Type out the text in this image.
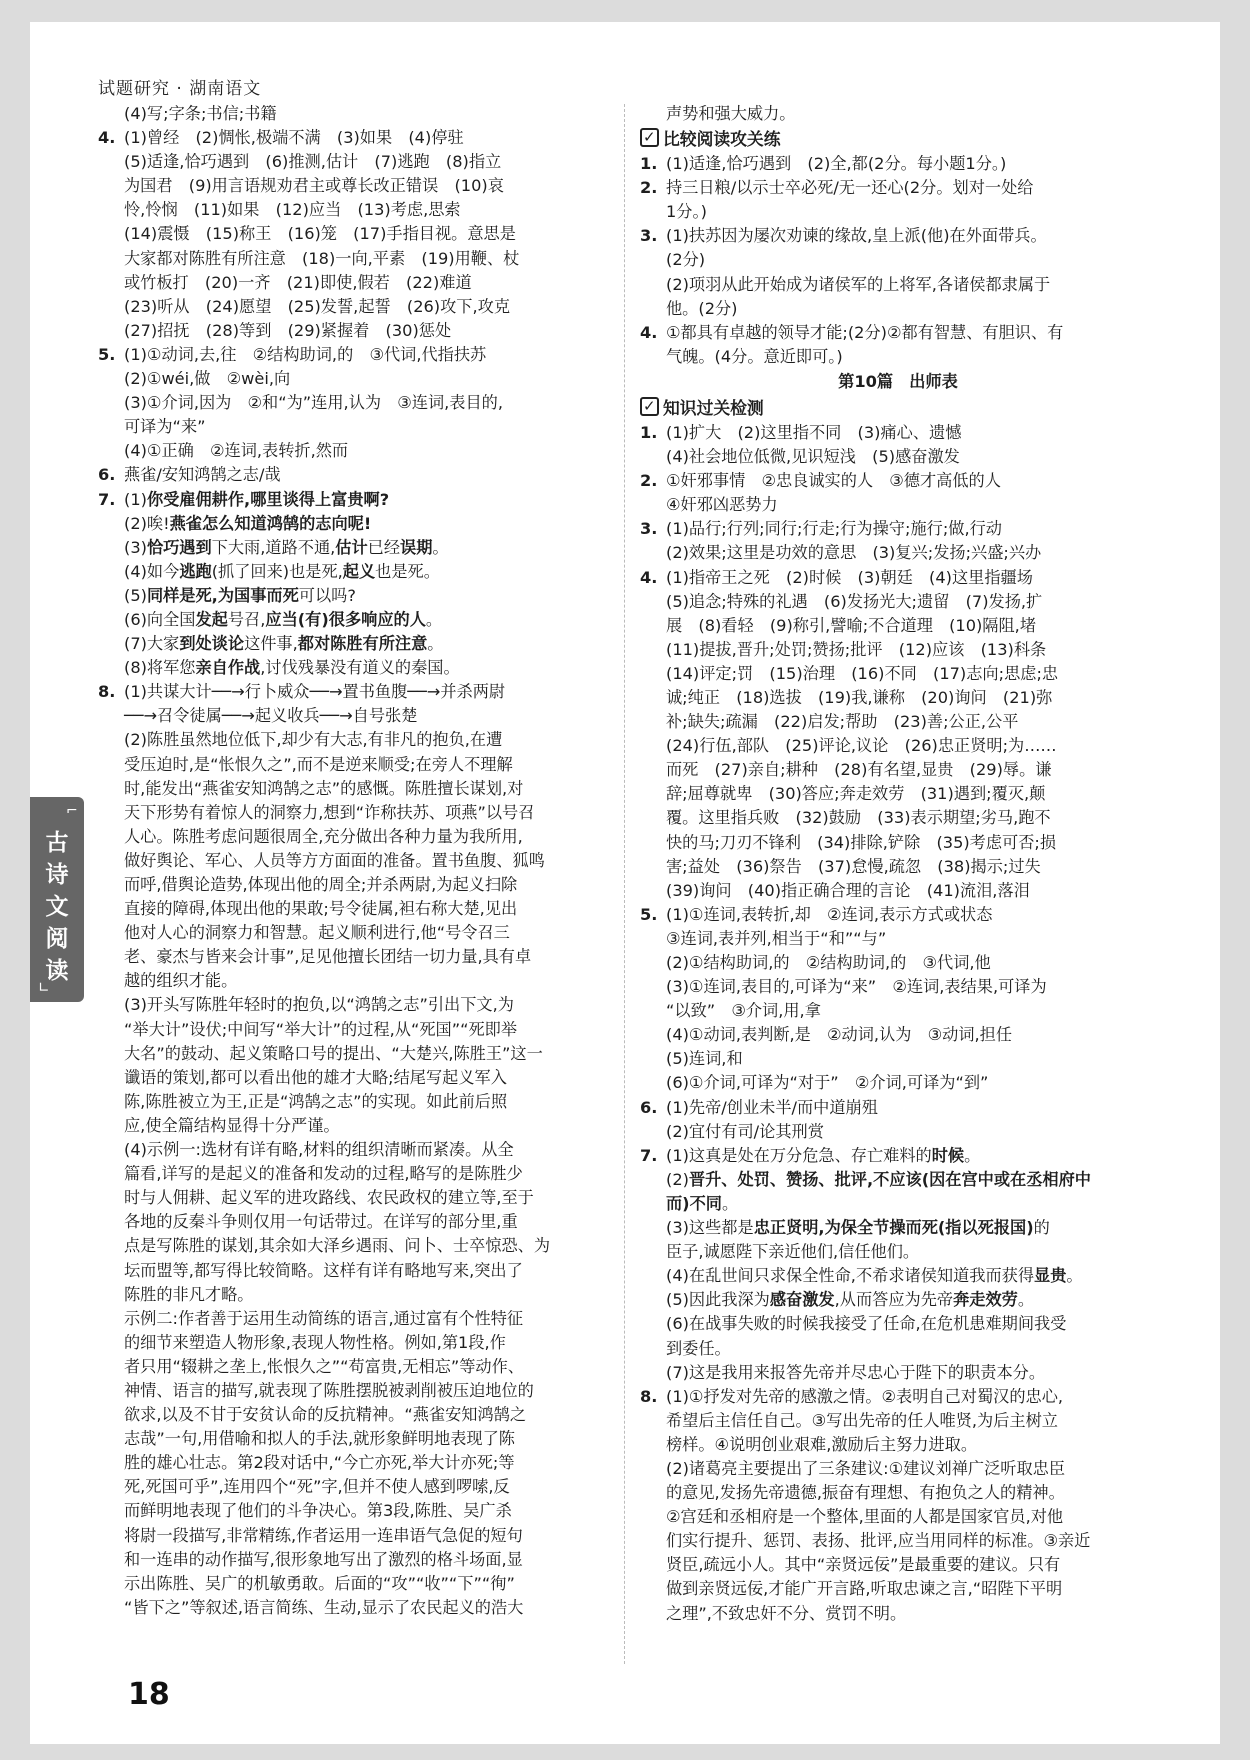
试题研究 · 湖南语文
⌐
古
诗
文
阅
读
∟
(4)写;字条;书信;书籍
4. (1)曾经　(2)惆怅,极端不满　(3)如果　(4)停驻
(5)适逢,恰巧遇到　(6)推测,估计　(7)逃跑　(8)指立
为国君　(9)用言语规劝君主或尊长改正错误　(10)哀
怜,怜悯　(11)如果　(12)应当　(13)考虑,思索
(14)震慑　(15)称王　(16)笼　(17)手指目视。意思是
大家都对陈胜有所注意　(18)一向,平素　(19)用鞭、杖
或竹板打　(20)一齐　(21)即使,假若　(22)难道
(23)听从　(24)愿望　(25)发誓,起誓　(26)攻下,攻克
(27)招抚　(28)等到　(29)紧握着　(30)惩处
5. (1)①动词,去,往　②结构助词,的　③代词,代指扶苏
(2)①wéi,做　②wèi,向
(3)①介词,因为　②和“为”连用,认为　③连词,表目的,
可译为“来”
(4)①正确　②连词,表转折,然而
6. 燕雀/安知鸿鹄之志/哉
7. (1)你受雇佣耕作,哪里谈得上富贵啊?
(2)唉!燕雀怎么知道鸿鹄的志向呢!
(3)恰巧遇到下大雨,道路不通,估计已经误期。
(4)如今逃跑(抓了回来)也是死,起义也是死。
(5)同样是死,为国事而死可以吗?
(6)向全国发起号召,应当(有)很多响应的人。
(7)大家到处谈论这件事,都对陈胜有所注意。
(8)将军您亲自作战,讨伐残暴没有道义的秦国。
8. (1)共谋大计──→行卜威众──→置书鱼腹──→并杀两尉
──→召令徒属──→起义收兵──→自号张楚
(2)陈胜虽然地位低下,却少有大志,有非凡的抱负,在遭
受压迫时,是“怅恨久之”,而不是逆来顺受;在旁人不理解
时,能发出“燕雀安知鸿鹄之志”的感慨。陈胜擅长谋划,对
天下形势有着惊人的洞察力,想到“诈称扶苏、项燕”以号召
人心。陈胜考虑问题很周全,充分做出各种力量为我所用,
做好舆论、军心、人员等方方面面的准备。置书鱼腹、狐鸣
而呼,借舆论造势,体现出他的周全;并杀两尉,为起义扫除
直接的障碍,体现出他的果敢;号令徒属,袒右称大楚,见出
他对人心的洞察力和智慧。起义顺利进行,他“号令召三
老、豪杰与皆来会计事”,足见他擅长团结一切力量,具有卓
越的组织才能。
(3)开头写陈胜年轻时的抱负,以“鸿鹄之志”引出下文,为
“举大计”设伏;中间写“举大计”的过程,从“死国”“死即举
大名”的鼓动、起义策略口号的提出、“大楚兴,陈胜王”这一
谶语的策划,都可以看出他的雄才大略;结尾写起义军入
陈,陈胜被立为王,正是“鸿鹄之志”的实现。如此前后照
应,使全篇结构显得十分严谨。
(4)示例一:选材有详有略,材料的组织清晰而紧凑。从全
篇看,详写的是起义的准备和发动的过程,略写的是陈胜少
时与人佣耕、起义军的进攻路线、农民政权的建立等,至于
各地的反秦斗争则仅用一句话带过。在详写的部分里,重
点是写陈胜的谋划,其余如大泽乡遇雨、问卜、士卒惊恐、为
坛而盟等,都写得比较简略。这样有详有略地写来,突出了
陈胜的非凡才略。
示例二:作者善于运用生动简练的语言,通过富有个性特征
的细节来塑造人物形象,表现人物性格。例如,第1段,作
者只用“辍耕之垄上,怅恨久之”“苟富贵,无相忘”等动作、
神情、语言的描写,就表现了陈胜摆脱被剥削被压迫地位的
欲求,以及不甘于安贫认命的反抗精神。“燕雀安知鸿鹄之
志哉”一句,用借喻和拟人的手法,就形象鲜明地表现了陈
胜的雄心壮志。第2段对话中,“今亡亦死,举大计亦死;等
死,死国可乎”,连用四个“死”字,但并不使人感到啰嗦,反
而鲜明地表现了他们的斗争决心。第3段,陈胜、吴广杀
将尉一段描写,非常精练,作者运用一连串语气急促的短句
和一连串的动作描写,很形象地写出了激烈的格斗场面,显
示出陈胜、吴广的机敏勇敢。后面的“攻”“收”“下”“徇”
“皆下之”等叙述,语言简练、生动,显示了农民起义的浩大
声势和强大威力。
✓比较阅读攻关练
1. (1)适逢,恰巧遇到　(2)全,都(2分。每小题1分。)
2. 持三日粮/以示士卒必死/无一还心(2分。划对一处给
1分。)
3. (1)扶苏因为屡次劝谏的缘故,皇上派(他)在外面带兵。
(2分)
(2)项羽从此开始成为诸侯军的上将军,各诸侯都隶属于
他。(2分)
4. ①都具有卓越的领导才能;(2分)②都有智慧、有胆识、有
气魄。(4分。意近即可。)
第10篇　出师表
✓知识过关检测
1. (1)扩大　(2)这里指不同　(3)痛心、遗憾
(4)社会地位低微,见识短浅　(5)感奋激发
2. ①奸邪事情　②忠良诚实的人　③德才高低的人
④奸邪凶恶势力
3. (1)品行;行列;同行;行走;行为操守;施行;做,行动
(2)效果;这里是功效的意思　(3)复兴;发扬;兴盛;兴办
4. (1)指帝王之死　(2)时候　(3)朝廷　(4)这里指疆场
(5)追念;特殊的礼遇　(6)发扬光大;遗留　(7)发扬,扩
展　(8)看轻　(9)称引,譬喻;不合道理　(10)隔阻,堵
(11)提拔,晋升;处罚;赞扬;批评　(12)应该　(13)科条
(14)评定;罚　(15)治理　(16)不同　(17)志向;思虑;忠
诚;纯正　(18)选拔　(19)我,谦称　(20)询问　(21)弥
补;缺失;疏漏　(22)启发;帮助　(23)善;公正,公平
(24)行伍,部队　(25)评论,议论　(26)忠正贤明;为……
而死　(27)亲自;耕种　(28)有名望,显贵　(29)辱。谦
辞;屈尊就卑　(30)答应;奔走效劳　(31)遇到;覆灭,颠
覆。这里指兵败　(32)鼓励　(33)表示期望;劣马,跑不
快的马;刀刃不锋利　(34)排除,铲除　(35)考虑可否;损
害;益处　(36)祭告　(37)怠慢,疏忽　(38)揭示;过失
(39)询问　(40)指正确合理的言论　(41)流泪,落泪
5. (1)①连词,表转折,却　②连词,表示方式或状态
③连词,表并列,相当于“和”“与”
(2)①结构助词,的　②结构助词,的　③代词,他
(3)①连词,表目的,可译为“来”　②连词,表结果,可译为
“以致”　③介词,用,拿
(4)①动词,表判断,是　②动词,认为　③动词,担任
(5)连词,和
(6)①介词,可译为“对于”　②介词,可译为“到”
6. (1)先帝/创业未半/而中道崩殂
(2)宜付有司/论其刑赏
7. (1)这真是处在万分危急、存亡难料的时候。
(2)晋升、处罚、赞扬、批评,不应该(因在宫中或在丞相府中
而)不同。
(3)这些都是忠正贤明,为保全节操而死(指以死报国)的
臣子,诚愿陛下亲近他们,信任他们。
(4)在乱世间只求保全性命,不希求诸侯知道我而获得显贵。
(5)因此我深为感奋激发,从而答应为先帝奔走效劳。
(6)在战事失败的时候我接受了任命,在危机患难期间我受
到委任。
(7)这是我用来报答先帝并尽忠心于陛下的职责本分。
8. (1)①抒发对先帝的感激之情。②表明自己对蜀汉的忠心,
希望后主信任自己。③写出先帝的任人唯贤,为后主树立
榜样。④说明创业艰难,激励后主努力进取。
(2)诸葛亮主要提出了三条建议:①建议刘禅广泛听取忠臣
的意见,发扬先帝遗德,振奋有理想、有抱负之人的精神。
②宫廷和丞相府是一个整体,里面的人都是国家官员,对他
们实行提升、惩罚、表扬、批评,应当用同样的标准。③亲近
贤臣,疏远小人。其中“亲贤远佞”是最重要的建议。只有
做到亲贤远佞,才能广开言路,听取忠谏之言,“昭陛下平明
之理”,不致忠奸不分、赏罚不明。
18
